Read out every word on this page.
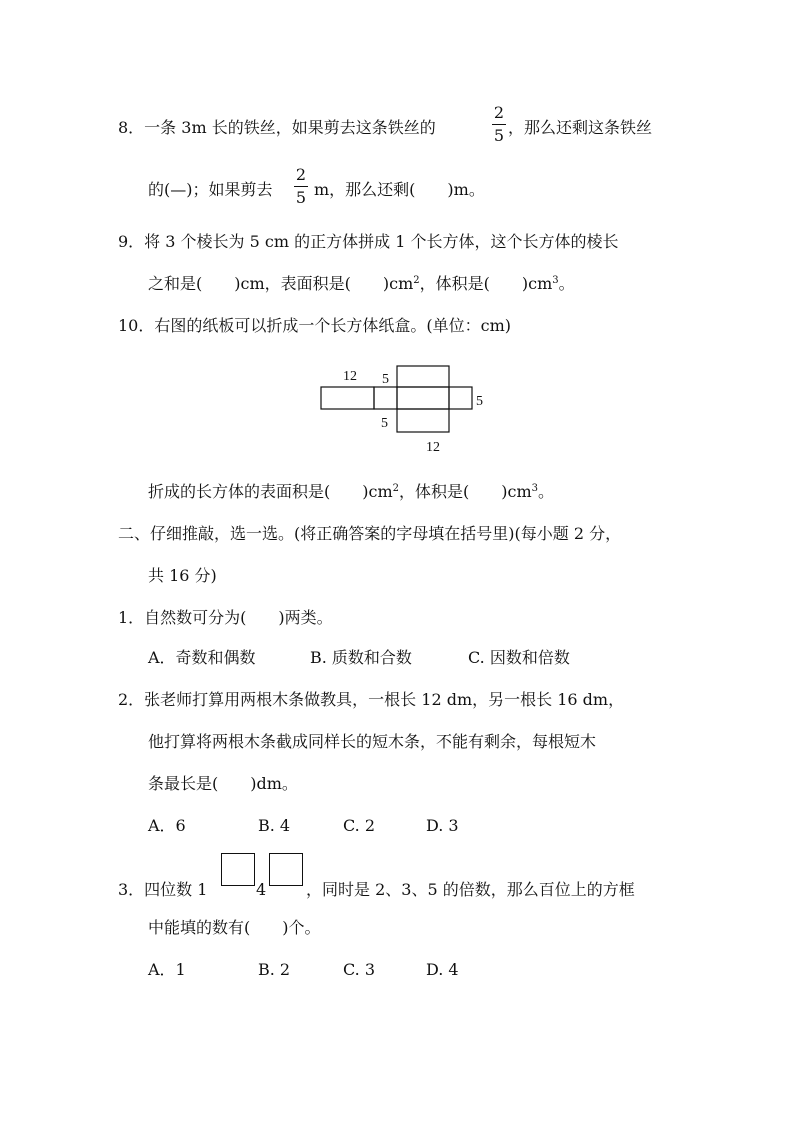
8．一条 3m 长的铁丝，如果剪去这条铁丝的
2
5 ，那么还剩这条铁丝
的(—)；如果剪去
2
5 m，那么还剩(　　)m。
9．将 3 个棱长为 5 cm 的正方体拼成 1 个长方体，这个长方体的棱长
之和是(　　)cm，表面积是(　　)$cm^2$，体积是(　　)$cm^3$。
10．右图的纸板可以折成一个长方体纸盒。(单位：cm)
12 5
5
5
12
折成的长方体的表面积是(　　)$cm^2$，体积是(　　)$cm^3$。
二、仔细推敲，选一选。(将正确答案的字母填在括号里)(每小题 2 分，
共 16 分)
1．自然数可分为(　　)两类。
A．奇数和偶数	B. 质数和合数	C. 因数和倍数
2．张老师打算用两根木条做教具，一根长 12 dm，另一根长 16 dm，
他打算将两根木条截成同样长的短木条，不能有剩余，每根短木
条最长是(　　)dm。
A．6	B. 4	C. 2	D. 3
3．四位数 1	4 ，同时是 2、3、5 的倍数，那么百位上的方框
中能填的数有(　　)个。
A．1	B. 2	C. 3	D. 4
